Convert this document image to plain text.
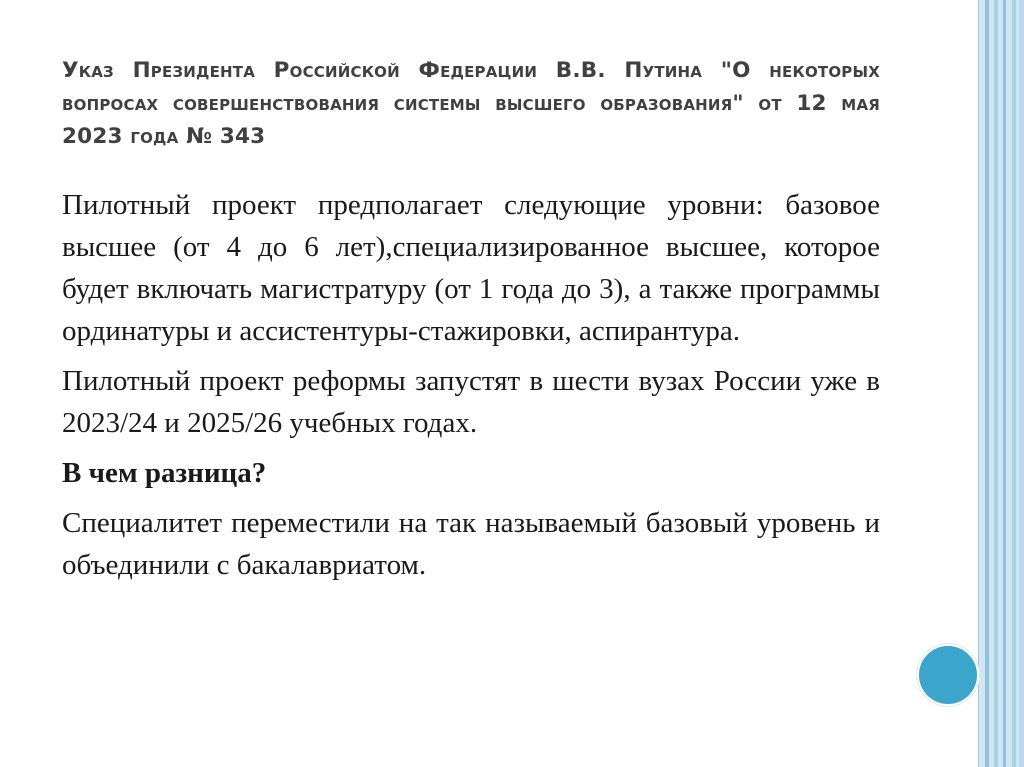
Указ Президента Российской Федерации В.В. Путина "О некоторых вопросах совершенствования системы высшего образования" от 12 мая 2023 года № 343

Пилотный проект предполагает следующие уровни: базовое высшее (от 4 до 6 лет),специализированное высшее, которое будет включать магистратуру (от 1 года до 3), а также программы ординатуры и ассистентуры-стажировки, аспирантура.

Пилотный проект реформы запустят в шести вузах России уже в 2023/24 и 2025/26 учебных годах.

В чем разница?

Специалитет переместили на так называемый базовый уровень и объединили с бакалавриатом.
